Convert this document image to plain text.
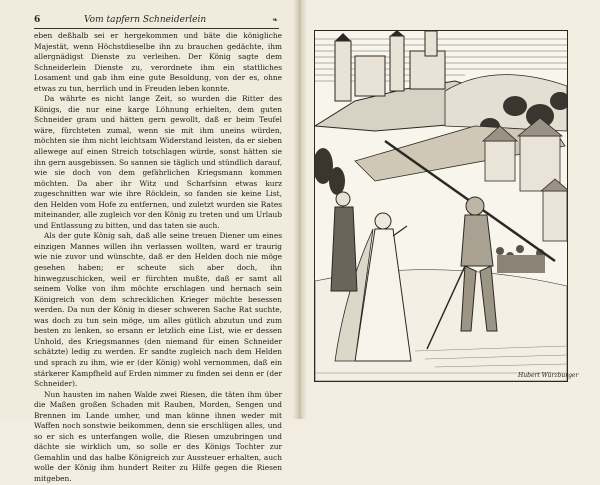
6	Vom tapfern Schneiderlein	❧

eben deßhalb sei er hergekommen und bäte die königliche Majestät, wenn Höchstdieselbe ihn zu brauchen gedächte, ihm allergnädigst Dienste zu verleihen. Der König sagte dem Schneiderlein Dienste zu, verordnete ihm ein stattliches Losament und gab ihm eine gute Besoldung, von der es, ohne etwas zu tun, herrlich und in Freuden leben konnte.

Da währte es nicht lange Zeit, so wurden die Ritter des Königs, die nur eine karge Löhnung erhielten, dem guten Schneider gram und hätten gern gewollt, daß er beim Teufel wäre, fürchteten zumal, wenn sie mit ihm uneins würden, möchten sie ihm nicht leichtsam Widerstand leisten, da er sieben allewege auf einen Streich totschlagen würde, sonst hätten sie ihn gern ausgebissen. So sannen sie täglich und stündlich darauf, wie sie doch von dem gefährlichen Kriegsmann kommen möchten. Da aber ihr Witz und Scharfsinn etwas kurz zugeschnitten war wie ihre Röcklein, so fanden sie keine List, den Helden vom Hofe zu entfernen, und zuletzt wurden sie Rates miteinander, alle zugleich vor den König zu treten und um Urlaub und Entlassung zu bitten, und das taten sie auch.

Als der gute König sah, daß alle seine treuen Diener um eines einzigen Mannes willen ihn verlassen wollten, ward er traurig wie nie zuvor und wünschte, daß er den Helden doch nie möge gesehen haben; er scheute sich aber doch, ihn hinwegzuschicken, weil er fürchten mußte, daß er samt all seinem Volke von ihm möchte erschlagen und hernach sein Königreich von dem schrecklichen Krieger möchte besessen werden. Da nun der König in dieser schweren Sache Rat suchte, was doch zu tun sein möge, um alles gütlich abzutun und zum besten zu lenken, so ersann er letzlich eine List, wie er dessen Unhold, des Kriegsmannes (den niemand für einen Schneider schätzte) ledig zu werden. Er sandte zugleich nach dem Helden und sprach zu ihm, wie er (der König) wohl vernommen, daß ein stärkerer Kampfheld auf Erden nimmer zu finden sei denn er (der Schneider).

Nun hausten im nahen Walde zwei Riesen, die täten ihm über die Maßen großen Schaden mit Rauben, Morden, Sengen und Brennen im Lande umher, und man könne ihnen weder mit Waffen noch sonstwie beikommen, denn sie erschlügen alles, und so er sich es unterfangen wolle, die Riesen umzubringen und dächte sie wirklich um, so solle er des Königs Tochter zur Gemahlin und das halbe Königreich zur Aussteuer erhalten, auch wolle der König ihm hundert Reiter zu Hilfe gegen die Riesen mitgeben.

Hubert Würzburger
